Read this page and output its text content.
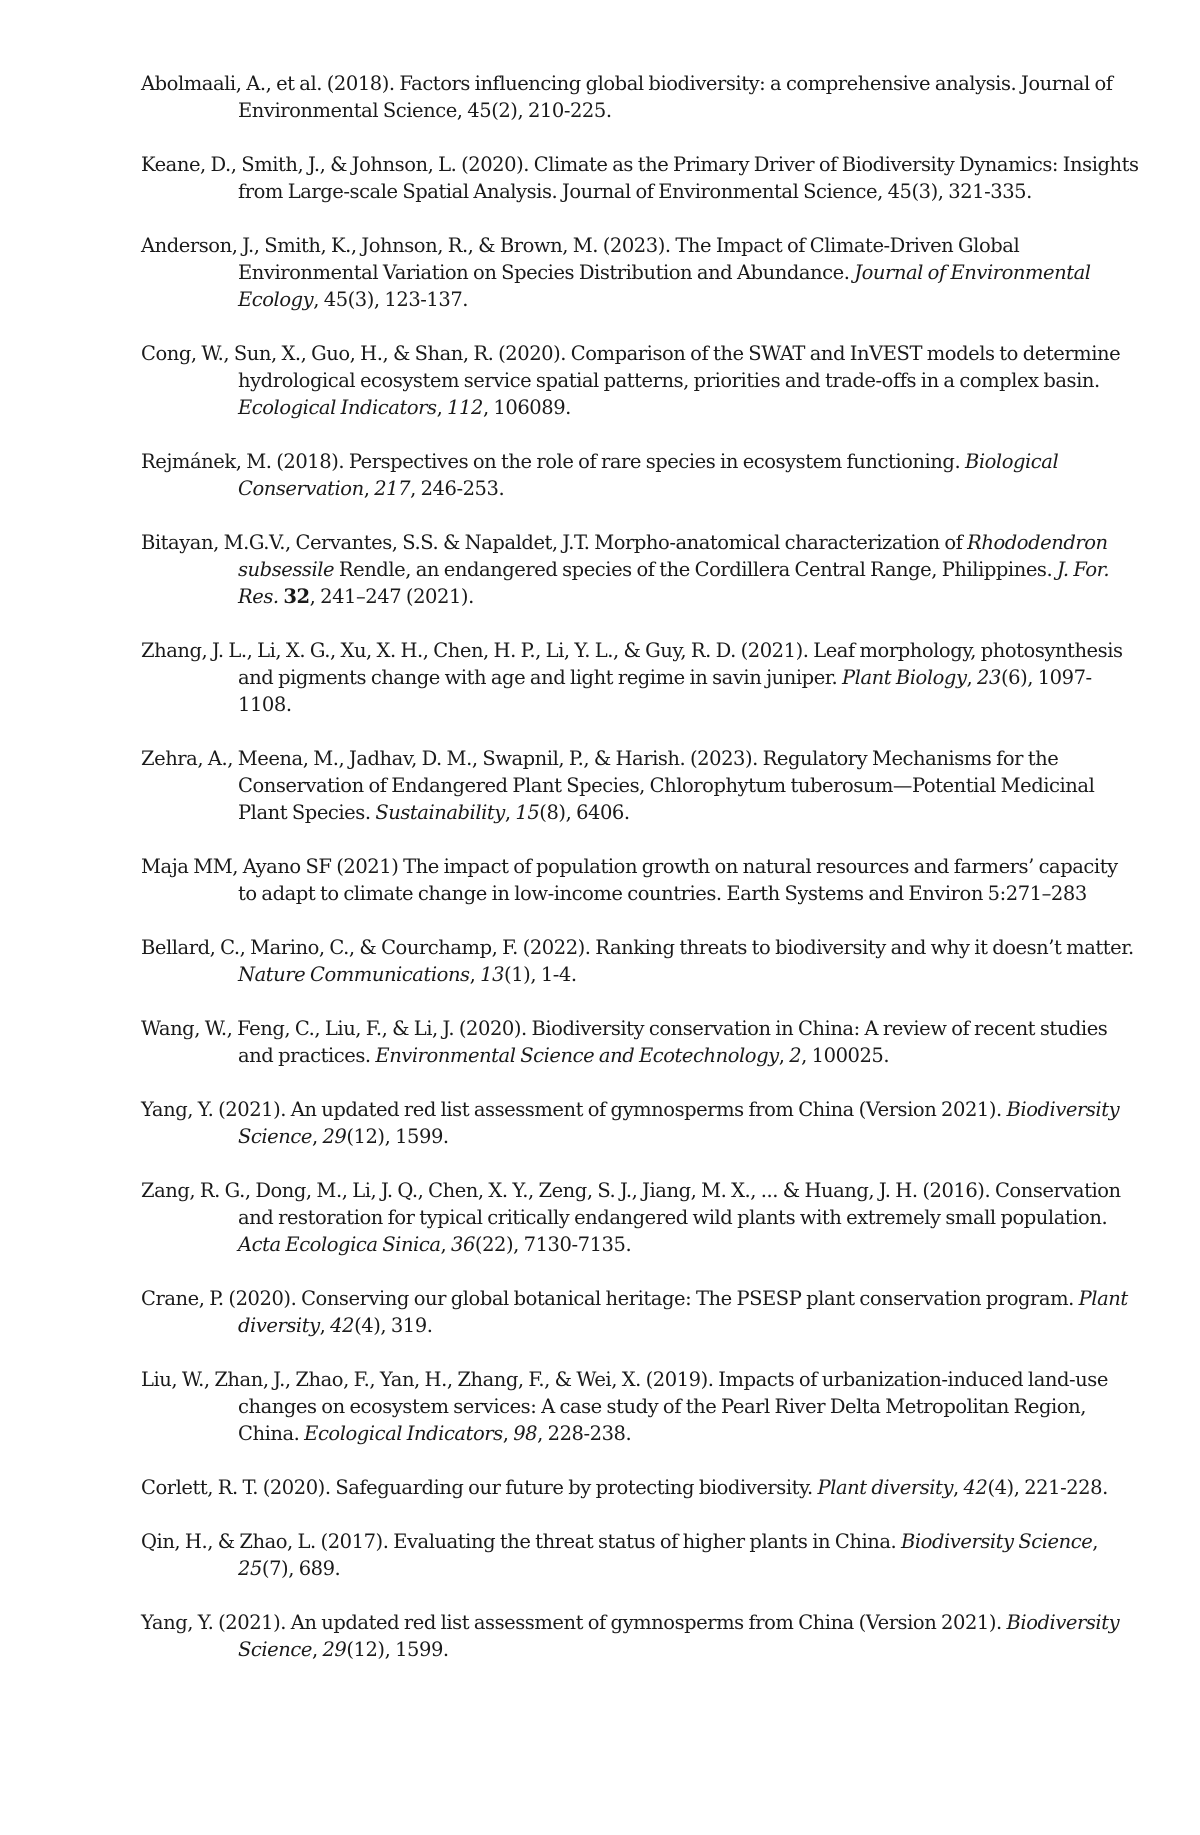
Abolmaali, A., et al. (2018). Factors influencing global biodiversity: a comprehensive analysis. Journal of Environmental Science, 45(2), 210-225.
Keane, D., Smith, J., & Johnson, L. (2020). Climate as the Primary Driver of Biodiversity Dynamics: Insights from Large-scale Spatial Analysis. Journal of Environmental Science, 45(3), 321-335.
Anderson, J., Smith, K., Johnson, R., & Brown, M. (2023). The Impact of Climate-Driven Global Environmental Variation on Species Distribution and Abundance. Journal of Environmental Ecology, 45(3), 123-137.
Cong, W., Sun, X., Guo, H., & Shan, R. (2020). Comparison of the SWAT and InVEST models to determine hydrological ecosystem service spatial patterns, priorities and trade-offs in a complex basin. Ecological Indicators, 112, 106089.
Rejmánek, M. (2018). Perspectives on the role of rare species in ecosystem functioning. Biological Conservation, 217, 246-253.
Bitayan, M.G.V., Cervantes, S.S. & Napaldet, J.T. Morpho-anatomical characterization of Rhododendron subsessile Rendle, an endangered species of the Cordillera Central Range, Philippines. J. For. Res. 32, 241–247 (2021).
Zhang, J. L., Li, X. G., Xu, X. H., Chen, H. P., Li, Y. L., & Guy, R. D. (2021). Leaf morphology, photosynthesis and pigments change with age and light regime in savin juniper. Plant Biology, 23(6), 1097-1108.
Zehra, A., Meena, M., Jadhav, D. M., Swapnil, P., & Harish. (2023). Regulatory Mechanisms for the Conservation of Endangered Plant Species, Chlorophytum tuberosum—Potential Medicinal Plant Species. Sustainability, 15(8), 6406.
Maja MM, Ayano SF (2021) The impact of population growth on natural resources and farmers’ capacity to adapt to climate change in low-income countries. Earth Systems and Environ 5:271–283
Bellard, C., Marino, C., & Courchamp, F. (2022). Ranking threats to biodiversity and why it doesn’t matter. Nature Communications, 13(1), 1-4.
Wang, W., Feng, C., Liu, F., & Li, J. (2020). Biodiversity conservation in China: A review of recent studies and practices. Environmental Science and Ecotechnology, 2, 100025.
Yang, Y. (2021). An updated red list assessment of gymnosperms from China (Version 2021). Biodiversity Science, 29(12), 1599.
Zang, R. G., Dong, M., Li, J. Q., Chen, X. Y., Zeng, S. J., Jiang, M. X., ... & Huang, J. H. (2016). Conservation and restoration for typical critically endangered wild plants with extremely small population. Acta Ecologica Sinica, 36(22), 7130-7135.
Crane, P. (2020). Conserving our global botanical heritage: The PSESP plant conservation program. Plant diversity, 42(4), 319.
Liu, W., Zhan, J., Zhao, F., Yan, H., Zhang, F., & Wei, X. (2019). Impacts of urbanization-induced land-use changes on ecosystem services: A case study of the Pearl River Delta Metropolitan Region, China. Ecological Indicators, 98, 228-238.
Corlett, R. T. (2020). Safeguarding our future by protecting biodiversity. Plant diversity, 42(4), 221-228.
Qin, H., & Zhao, L. (2017). Evaluating the threat status of higher plants in China. Biodiversity Science, 25(7), 689.
Yang, Y. (2021). An updated red list assessment of gymnosperms from China (Version 2021). Biodiversity Science, 29(12), 1599.
